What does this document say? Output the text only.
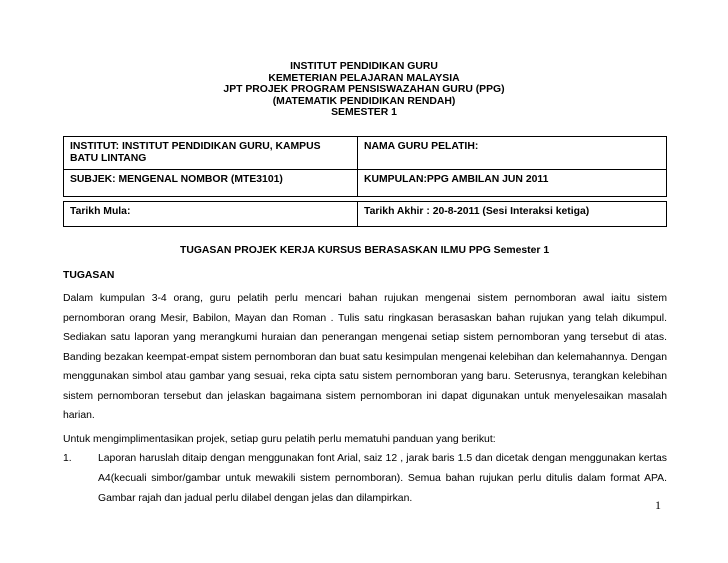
INSTITUT PENDIDIKAN GURU
KEMETERIAN PELAJARAN MALAYSIA
JPT PROJEK PROGRAM PENSISWAZAHAN GURU (PPG)
(MATEMATIK PENDIDIKAN RENDAH)
SEMESTER 1
INSTITUT: INSTITUT PENDIDIKAN GURU, KAMPUS BATU LINTANG	NAMA GURU PELATIH:
SUBJEK: MENGENAL NOMBOR (MTE3101)	KUMPULAN:PPG AMBILAN JUN 2011

Tarikh Mula:	Tarikh Akhir : 20-8-2011 (Sesi Interaksi ketiga)
TUGASAN PROJEK KERJA KURSUS BERASASKAN ILMU PPG Semester 1
TUGASAN

Dalam kumpulan 3-4 orang, guru pelatih perlu mencari bahan rujukan mengenai sistem pernomboran awal iaitu sistem pernomboran orang Mesir, Babilon, Mayan dan Roman . Tulis satu ringkasan berasaskan bahan rujukan yang telah dikumpul. Sediakan satu laporan yang merangkumi huraian dan penerangan mengenai setiap sistem pernomboran yang tersebut di atas. Banding bezakan keempat-empat sistem pernomboran dan buat satu kesimpulan mengenai kelebihan dan kelemahannya. Dengan menggunakan simbol atau gambar yang sesuai, reka cipta satu sistem pernomboran yang baru. Seterusnya, terangkan kelebihan sistem pernomboran tersebut dan jelaskan bagaimana sistem pernomboran ini dapat digunakan untuk menyelesaikan masalah harian.

Untuk mengimplimentasikan projek, setiap guru pelatih perlu mematuhi panduan yang berikut:

1.	Laporan haruslah ditaip dengan menggunakan font Arial, saiz 12 , jarak baris 1.5 dan dicetak dengan menggunakan kertas A4(kecuali simbor/gambar untuk mewakili sistem pernomboran). Semua bahan rujukan perlu ditulis dalam format APA. Gambar rajah dan jadual perlu dilabel dengan jelas dan dilampirkan.	1
